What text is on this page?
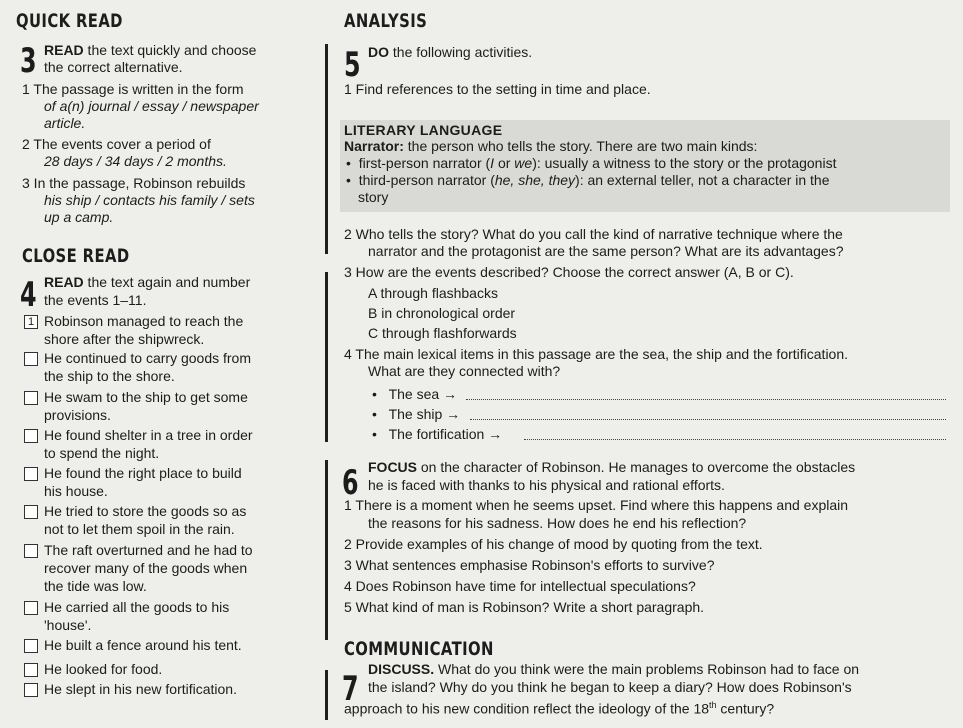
QUICK READ
3 READ the text quickly and choose
the correct alternative.
1 The passage is written in the form
of a(n) journal / essay / newspaper
article.
2 The events cover a period of
28 days / 34 days / 2 months.
3 In the passage, Robinson rebuilds
his ship / contacts his family / sets
up a camp.
CLOSE READ
4 READ the text again and number
the events 1–11.
1 Robinson managed to reach the
shore after the shipwreck.
He continued to carry goods from
the ship to the shore.
He swam to the ship to get some
provisions.
He found shelter in a tree in order
to spend the night.
He found the right place to build
his house.
He tried to store the goods so as
not to let them spoil in the rain.
The raft overturned and he had to
recover many of the goods when
the tide was low.
He carried all the goods to his
'house'.
He built a fence around his tent.
He looked for food.
He slept in his new fortification.
ANALYSIS
5 DO the following activities.
1 Find references to the setting in time and place.
LITERARY LANGUAGE
Narrator: the person who tells the story. There are two main kinds:
•  first-person narrator (I or we): usually a witness to the story or the protagonist
•  third-person narrator (he, she, they): an external teller, not a character in the
story
2 Who tells the story? What do you call the kind of narrative technique where the
narrator and the protagonist are the same person? What are its advantages?
3 How are the events described? Choose the correct answer (A, B or C).
A through flashbacks
B in chronological order
C through flashforwards
4 The main lexical items in this passage are the sea, the ship and the fortification.
What are they connected with?
•   The sea →
•   The ship →
•   The fortification →
6 FOCUS on the character of Robinson. He manages to overcome the obstacles
he is faced with thanks to his physical and rational efforts.
1 There is a moment when he seems upset. Find where this happens and explain
the reasons for his sadness. How does he end his reflection?
2 Provide examples of his change of mood by quoting from the text.
3 What sentences emphasise Robinson's efforts to survive?
4 Does Robinson have time for intellectual speculations?
5 What kind of man is Robinson? Write a short paragraph.
COMMUNICATION
7 DISCUSS. What do you think were the main problems Robinson had to face on
the island? Why do you think he began to keep a diary? How does Robinson's
approach to his new condition reflect the ideology of the 18th century?
